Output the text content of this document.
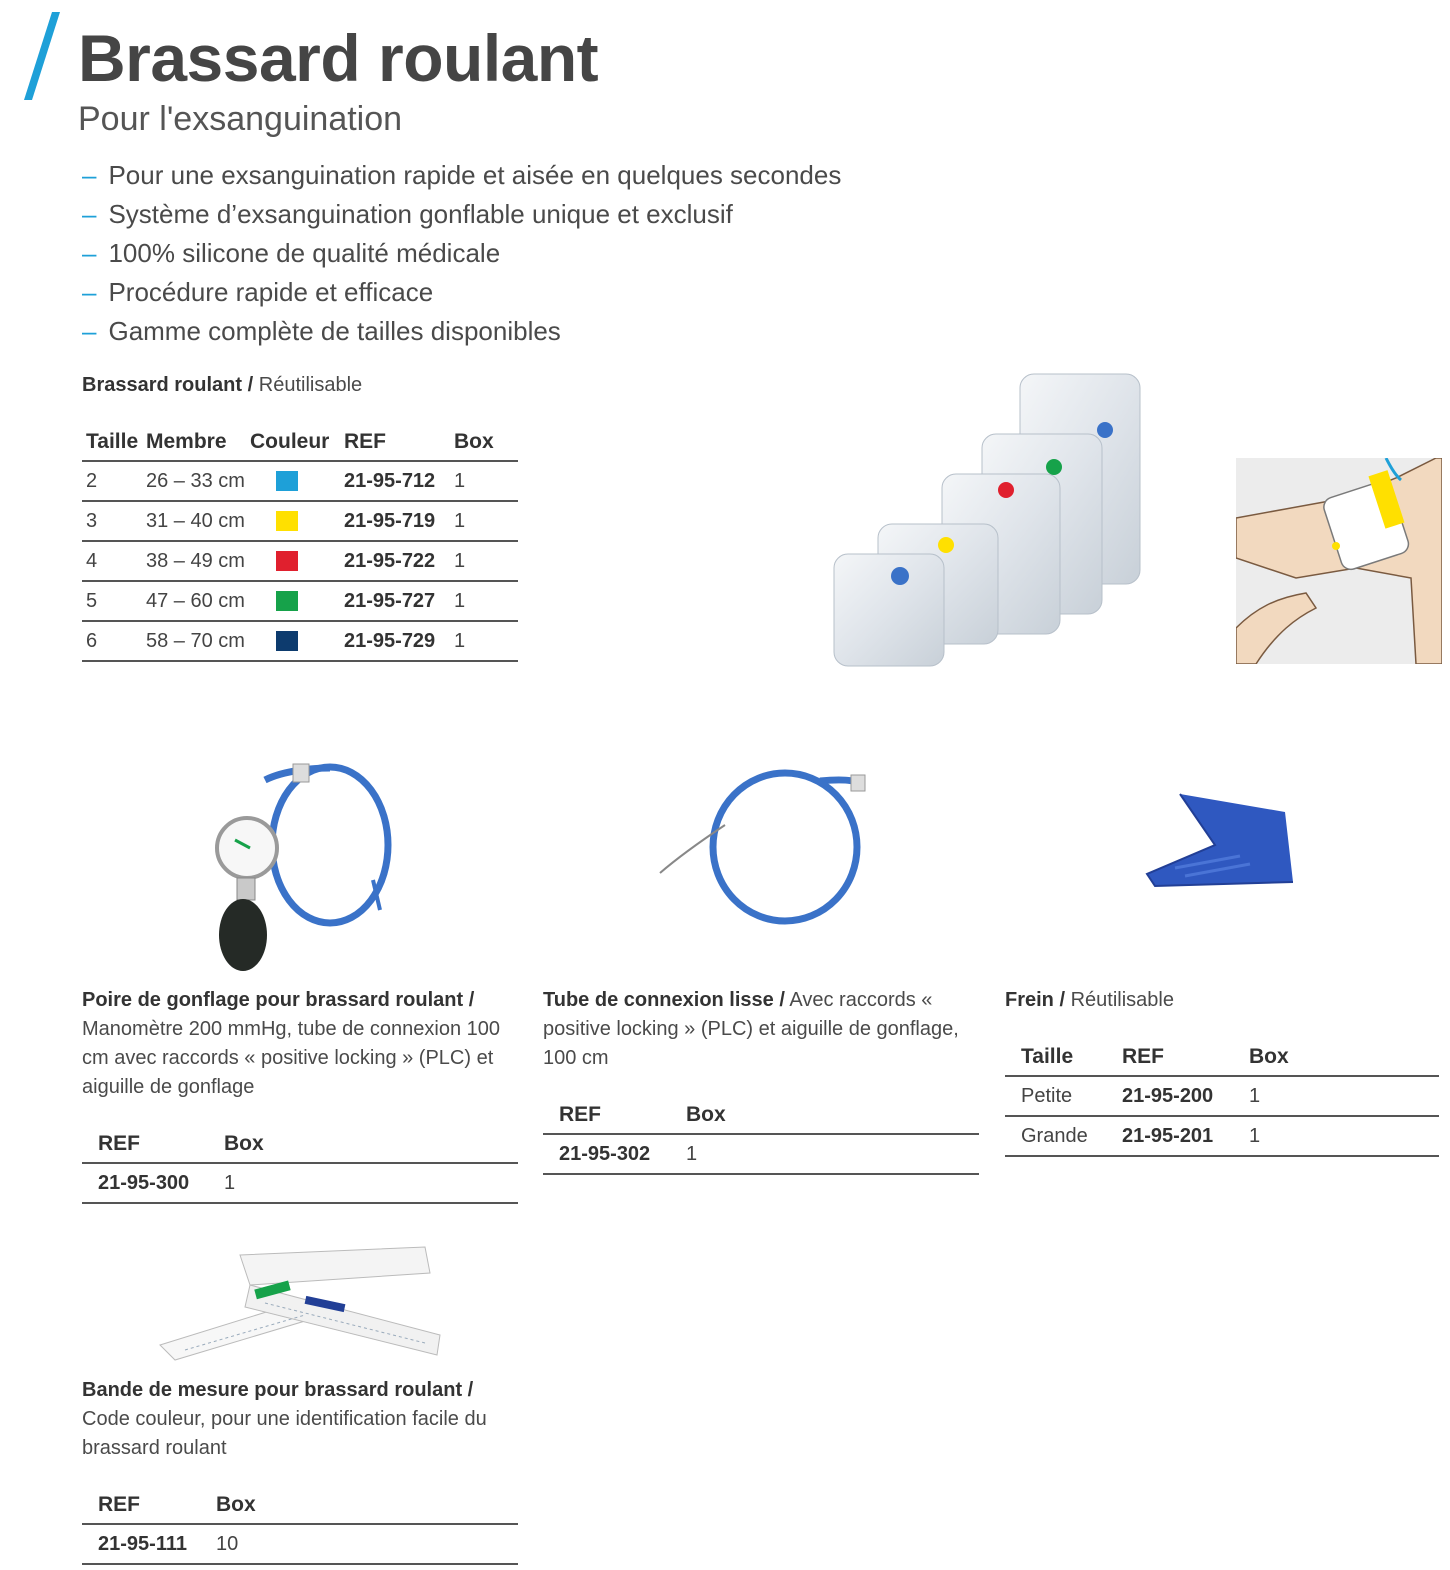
Brassard roulant
Pour l'exsanguination
– Pour une exsanguination rapide et aisée en quelques secondes
– Système d’exsanguination gonflable unique et exclusif
– 100% silicone de qualité médicale
– Procédure rapide et efficace
– Gamme complète de tailles disponibles
Brassard roulant / Réutilisable
Taille	Membre	Couleur	REF	Box
2	26 – 33 cm		21-95-712	1
3	31 – 40 cm		21-95-719	1
4	38 – 49 cm		21-95-722	1
5	47 – 60 cm		21-95-727	1
6	58 – 70 cm		21-95-729	1
Poire de gonflage pour brassard roulant / Manomètre 200 mmHg, tube de connexion 100 cm avec raccords « positive locking » (PLC) et aiguille de gonflage
REF	Box
21-95-300	1
Tube de connexion lisse / Avec raccords « positive locking » (PLC) et aiguille de gonflage, 100 cm
REF	Box
21-95-302	1
Frein / Réutilisable
Taille	REF	Box
Petite	21-95-200	1
Grande	21-95-201	1
Bande de mesure pour brassard roulant / Code couleur, pour une identification facile du brassard roulant
REF	Box
21-95-111	10
